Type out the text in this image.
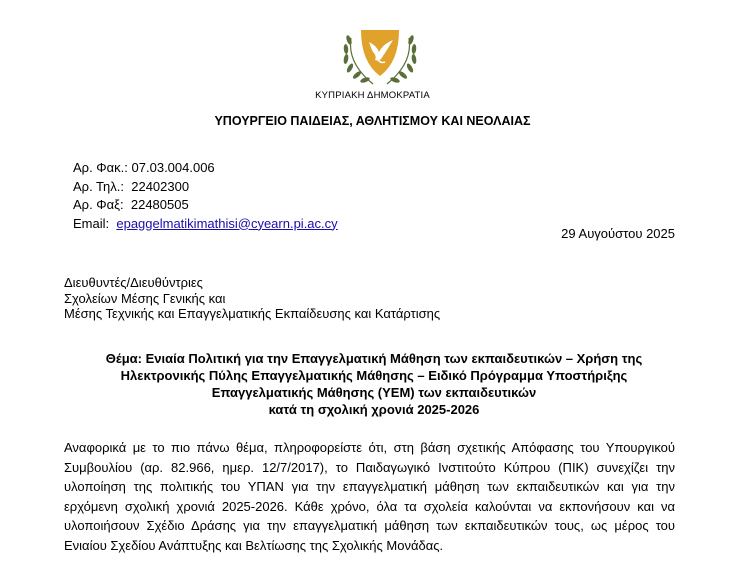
ΚΥΠΡΙΑΚΗ ΔΗΜΟΚΡΑΤΙΑ
ΥΠΟΥΡΓΕΙΟ ΠΑΙΔΕΙΑΣ, ΑΘΛΗΤΙΣΜΟΥ ΚΑΙ ΝΕΟΛΑΙΑΣ
Αρ. Φακ.: 07.03.004.006
Αρ. Τηλ.: 22402300
Αρ. Φαξ: 22480505
Email: epaggelmatikimathisi@cyearn.pi.ac.cy
29 Αυγούστου 2025
Διευθυντές/Διευθύντριες
Σχολείων Μέσης Γενικής και
Μέσης Τεχνικής και Επαγγελματικής Εκπαίδευσης και Κατάρτισης
Θέμα: Ενιαία Πολιτική για την Επαγγελματική Μάθηση των εκπαιδευτικών – Χρήση της
Ηλεκτρονικής Πύλης Επαγγελματικής Μάθησης – Ειδικό Πρόγραμμα Υποστήριξης
Επαγγελματικής Μάθησης (ΥΕΜ) των εκπαιδευτικών
κατά τη σχολική χρονιά 2025-2026
Αναφορικά με το πιο πάνω θέμα, πληροφορείστε ότι, στη βάση σχετικής Απόφασης του Υπουργικού Συμβουλίου (αρ. 82.966, ημερ. 12/7/2017), το Παιδαγωγικό Ινστιτούτο Κύπρου (ΠΙΚ) συνεχίζει την υλοποίηση της πολιτικής του ΥΠΑΝ για την επαγγελματική μάθηση των εκπαιδευτικών και για την ερχόμενη σχολική χρονιά 2025-2026. Κάθε χρόνο, όλα τα σχολεία καλούνται να εκπονήσουν και να υλοποιήσουν Σχέδιο Δράσης για την επαγγελματική μάθηση των εκπαιδευτικών τους, ως μέρος του Ενιαίου Σχεδίου Ανάπτυξης και Βελτίωσης της Σχολικής Μονάδας.
